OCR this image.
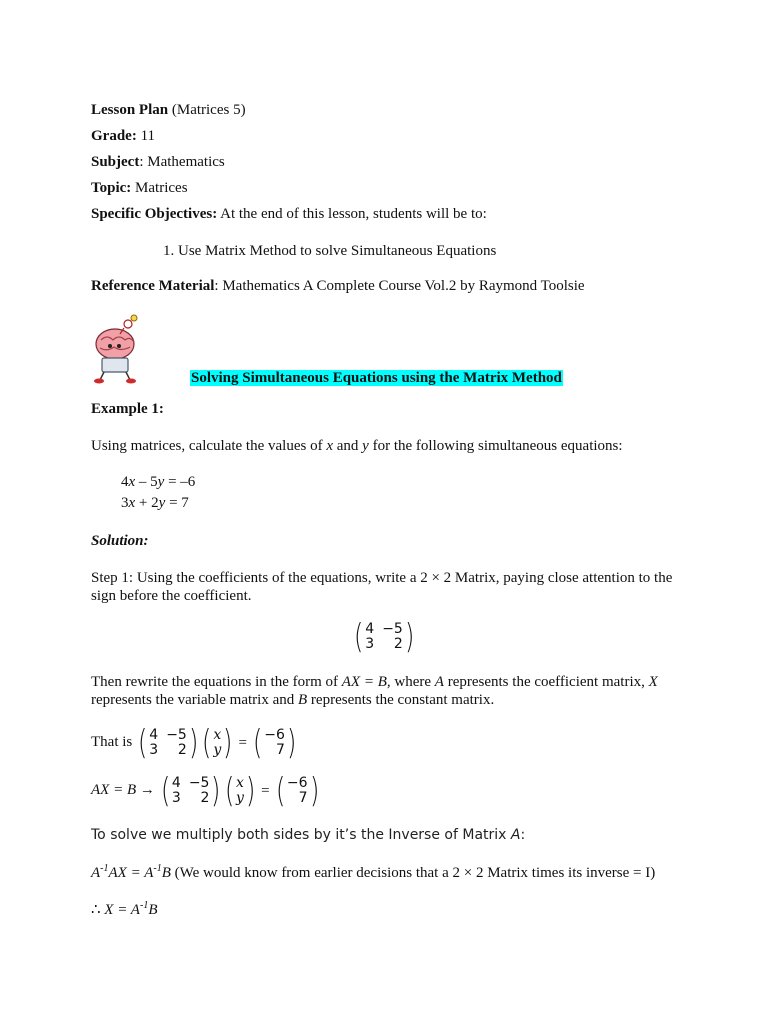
Lesson Plan (Matrices 5)
Grade: 11
Subject: Mathematics
Topic: Matrices
Specific Objectives: At the end of this lesson, students will be to:
1. Use Matrix Method to solve Simultaneous Equations
Reference Material: Mathematics A Complete Course Vol.2 by Raymond Toolsie
Solving Simultaneous Equations using the Matrix Method
Example 1:
Using matrices, calculate the values of x and y for the following simultaneous equations:
4x – 5y = –6
3x + 2y = 7
Solution:
Step 1: Using the coefficients of the equations, write a 2 × 2 Matrix, paying close attention to the
sign before the coefficient.
( 4 −5
3	2 )
Then rewrite the equations in the form of AX = B, where A represents the coefficient matrix, X
represents the variable matrix and B represents the constant matrix.
That is ( 4 −5
3	2 ) ( x
y ) = ( −6
7 )
AX = B → ( 4 −5
3	2 ) ( x
y ) = ( −6
7 )
To solve we multiply both sides by it’s the Inverse of Matrix A:
$A^{-1}AX = A^{-1}B$ (We would know from earlier decisions that a 2 × 2 Matrix times its inverse = I)
∴ $X = A^{-1}B$
